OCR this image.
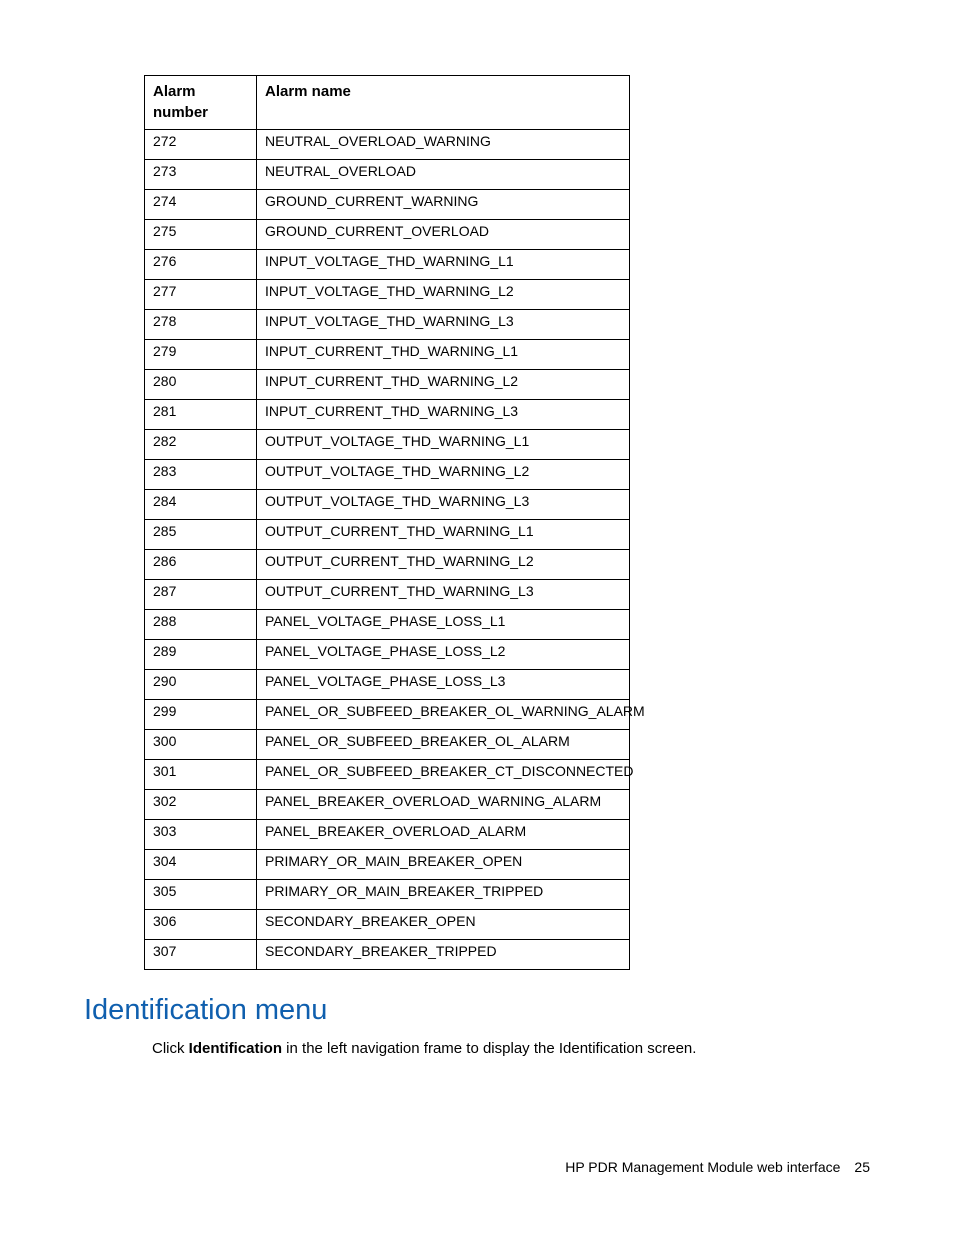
Alarm
number	Alarm name
272	NEUTRAL_OVERLOAD_WARNING
273	NEUTRAL_OVERLOAD
274	GROUND_CURRENT_WARNING
275	GROUND_CURRENT_OVERLOAD
276	INPUT_VOLTAGE_THD_WARNING_L1
277	INPUT_VOLTAGE_THD_WARNING_L2
278	INPUT_VOLTAGE_THD_WARNING_L3
279	INPUT_CURRENT_THD_WARNING_L1
280	INPUT_CURRENT_THD_WARNING_L2
281	INPUT_CURRENT_THD_WARNING_L3
282	OUTPUT_VOLTAGE_THD_WARNING_L1
283	OUTPUT_VOLTAGE_THD_WARNING_L2
284	OUTPUT_VOLTAGE_THD_WARNING_L3
285	OUTPUT_CURRENT_THD_WARNING_L1
286	OUTPUT_CURRENT_THD_WARNING_L2
287	OUTPUT_CURRENT_THD_WARNING_L3
288	PANEL_VOLTAGE_PHASE_LOSS_L1
289	PANEL_VOLTAGE_PHASE_LOSS_L2
290	PANEL_VOLTAGE_PHASE_LOSS_L3
299	PANEL_OR_SUBFEED_BREAKER_OL_WARNING_ALARM
300	PANEL_OR_SUBFEED_BREAKER_OL_ALARM
301	PANEL_OR_SUBFEED_BREAKER_CT_DISCONNECTED
302	PANEL_BREAKER_OVERLOAD_WARNING_ALARM
303	PANEL_BREAKER_OVERLOAD_ALARM
304	PRIMARY_OR_MAIN_BREAKER_OPEN
305	PRIMARY_OR_MAIN_BREAKER_TRIPPED
306	SECONDARY_BREAKER_OPEN
307	SECONDARY_BREAKER_TRIPPED
Identification menu

Click Identification in the left navigation frame to display the Identification screen.

HP PDR Management Module web interface 25
